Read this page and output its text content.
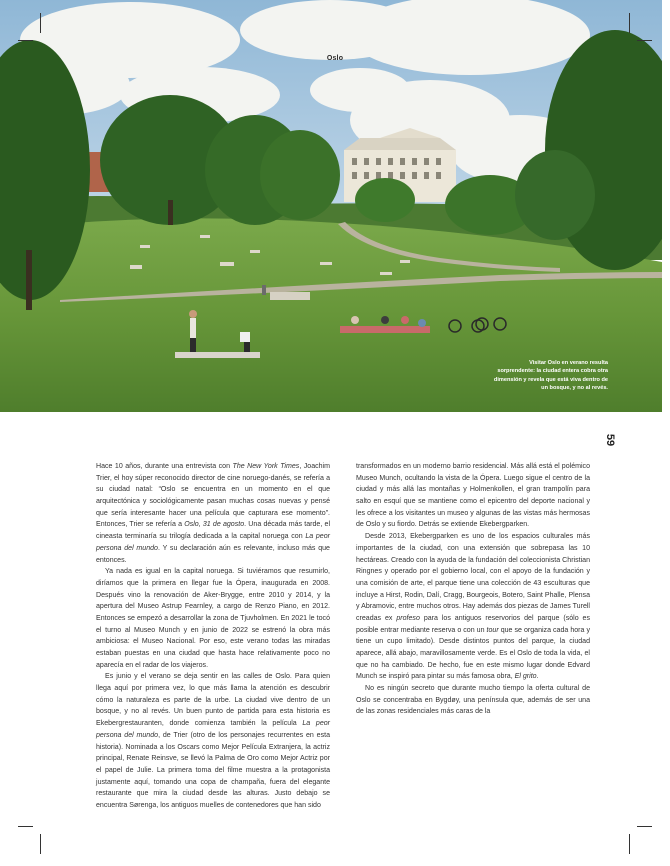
Oslo
Visitar Oslo en verano resulta sorprendente: la ciudad entera cobra otra dimensión y revela que está viva dentro de un bosque, y no al revés.
59

Hace 10 años, durante una entrevista con The New York Times, Joachim Trier, el hoy súper reconocido director de cine noruego-danés, se refería a su ciudad natal: “Oslo se encuentra en un momento en el que arquitectónica y sociológicamente pasan muchas cosas nuevas y pensé que sería interesante hacer una película que capturara ese momento”. Entonces, Trier se refería a Oslo, 31 de agosto. Una década más tarde, el cineasta terminaría su trilogía dedicada a la capital noruega con La peor persona del mundo. Y su declaración aún es relevante, incluso más que entonces.

Ya nada es igual en la capital noruega. Si tuviéramos que resumirlo, diríamos que la primera en llegar fue la Ópera, inaugurada en 2008. Después vino la renovación de Aker-Brygge, entre 2010 y 2014, y la apertura del Museo Astrup Fearnley, a cargo de Renzo Piano, en 2012. Entonces se empezó a desarrollar la zona de Tjuvholmen. En 2021 le tocó el turno al Museo Munch y en junio de 2022 se estrenó la obra más ambiciosa: el Museo Nacional. Por eso, este verano todas las miradas estaban puestas en una ciudad que hasta hace relativamente poco no aparecía en el radar de los viajeros.

Es junio y el verano se deja sentir en las calles de Oslo. Para quien llega aquí por primera vez, lo que más llama la atención es descubrir cómo la naturaleza es parte de la urbe. La ciudad vive dentro de un bosque, y no al revés. Un buen punto de partida para esta historia es Ekebergrestauranten, donde comienza también la película La peor persona del mundo, de Trier (otro de los personajes recurrentes en esta historia). Nominada a los Oscars como Mejor Película Extranjera, la actriz principal, Renate Reinsve, se llevó la Palma de Oro como Mejor Actriz por el papel de Julie. La primera toma del filme muestra a la protagonista justamente aquí, tomando una copa de champaña, fuera del elegante restaurante que mira la ciudad desde las alturas. Justo debajo se encuentra Sørenga, los antiguos muelles de contenedores que han sido

transformados en un moderno barrio residencial. Más allá está el polémico Museo Munch, ocultando la vista de la Ópera. Luego sigue el centro de la ciudad y más allá las montañas y Holmenkollen, el gran trampolín para salto en esquí que se mantiene como el epicentro del deporte nacional y les ofrece a los visitantes un museo y algunas de las vistas más hermosas de Oslo y su fiordo. Detrás se extiende Ekebergparken.

Desde 2013, Ekebergparken es uno de los espacios culturales más importantes de la ciudad, con una extensión que sobrepasa las 10 hectáreas. Creado con la ayuda de la fundación del coleccionista Christian Ringnes y operado por el gobierno local, con el apoyo de la fundación y una comisión de arte, el parque tiene una colección de 43 esculturas que incluye a Hirst, Rodin, Dalí, Cragg, Bourgeois, Botero, Saint Phalle, Plensa y Abramovic, entre muchos otros. Hay además dos piezas de James Turell creadas ex profeso para los antiguos reservorios del parque (sólo es posible entrar mediante reserva o con un tour que se organiza cada hora y tiene un cupo limitado). Desde distintos puntos del parque, la ciudad aparece, allá abajo, maravillosamente verde. Es el Oslo de toda la vida, el que no ha cambiado. De hecho, fue en este mismo lugar donde Edvard Munch se inspiró para pintar su más famosa obra, El grito.

No es ningún secreto que durante mucho tiempo la oferta cultural de Oslo se concentraba en Bygdøy, una península que, además de ser una de las zonas residenciales más caras de la
